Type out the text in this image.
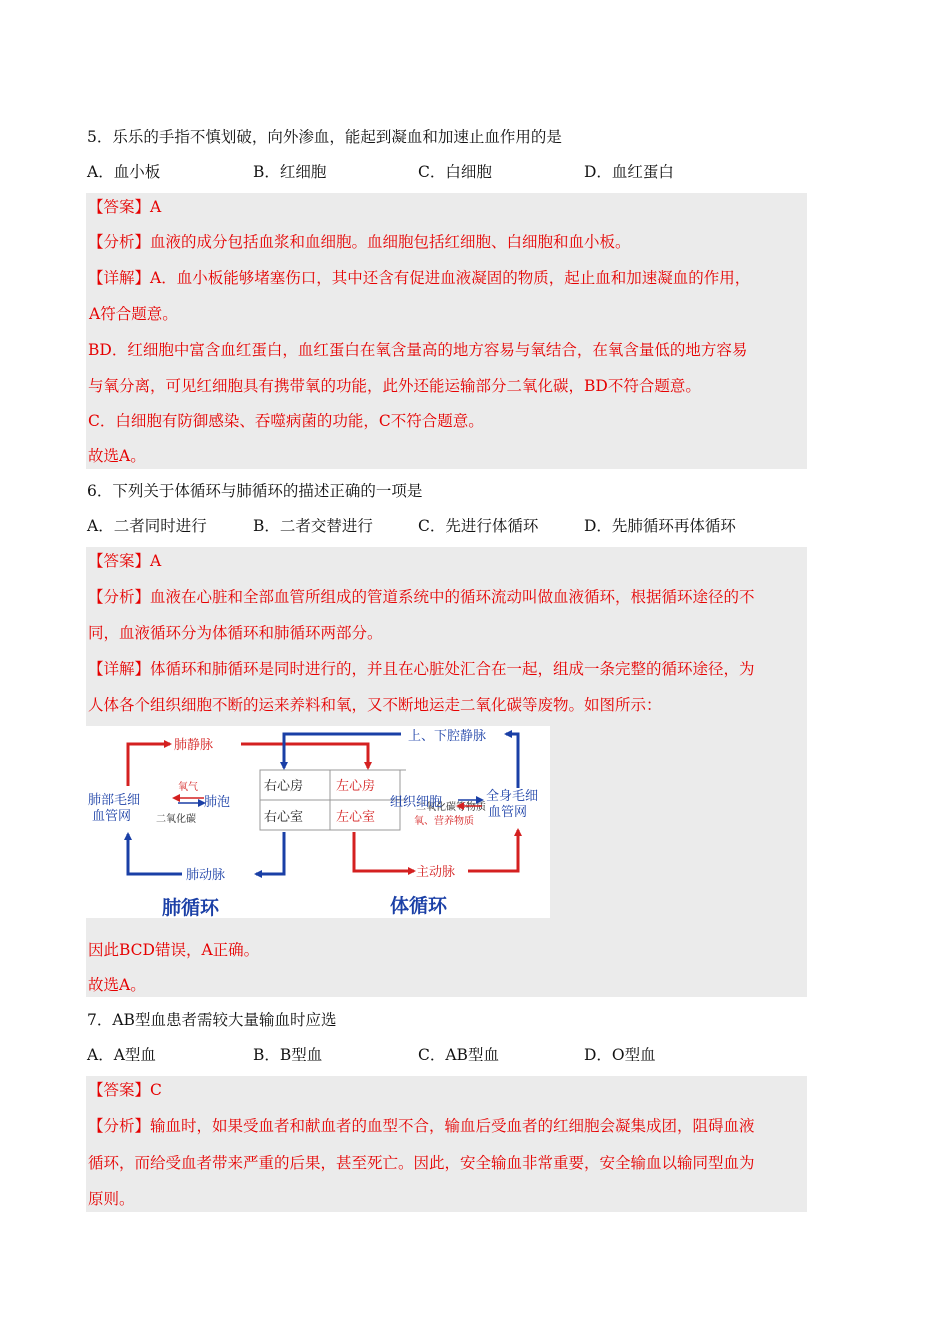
5．乐乐的手指不慎划破，向外渗血，能起到凝血和加速止血作用的是
A．血小板	B．红细胞	C．白细胞	D．血红蛋白
【答案】A
【分析】血液的成分包括血浆和血细胞。血细胞包括红细胞、白细胞和血小板。
【详解】A．血小板能够堵塞伤口，其中还含有促进血液凝固的物质，起止血和加速凝血的作用，
A符合题意。
BD．红细胞中富含血红蛋白，血红蛋白在氧含量高的地方容易与氧结合，在氧含量低的地方容易
与氧分离，可见红细胞具有携带氧的功能，此外还能运输部分二氧化碳，BD不符合题意。
C．白细胞有防御感染、吞噬病菌的功能，C不符合题意。
故选A。
6．下列关于体循环与肺循环的描述正确的一项是
A．二者同时进行	B．二者交替进行	C．先进行体循环	D．先肺循环再体循环
【答案】A
【分析】血液在心脏和全部血管所组成的管道系统中的循环流动叫做血液循环，根据循环途径的不
同，血液循环分为体循环和肺循环两部分。
【详解】体循环和肺循环是同时进行的，并且在心脏处汇合在一起，组成一条完整的循环途径，为
人体各个组织细胞不断的运来养料和氧，又不断地运走二氧化碳等废物。如图所示：
右心房	左心房
右心室	左心室
肺静脉
上、下腔静脉
肺部毛细
血管网
氧气
肺泡
二氧化碳
二氧化碳等物质
组织细胞
氧、营养物质
全身毛细
血管网
肺动脉	主动脉
肺循环	体循环
因此BCD错误，A正确。
故选A。
7．AB型血患者需较大量输血时应选
A．A型血	B．B型血	C．AB型血	D．O型血
【答案】C
【分析】输血时，如果受血者和献血者的血型不合，输血后受血者的红细胞会凝集成团，阻碍血液
循环，而给受血者带来严重的后果，甚至死亡。因此，安全输血非常重要，安全输血以输同型血为
原则。
